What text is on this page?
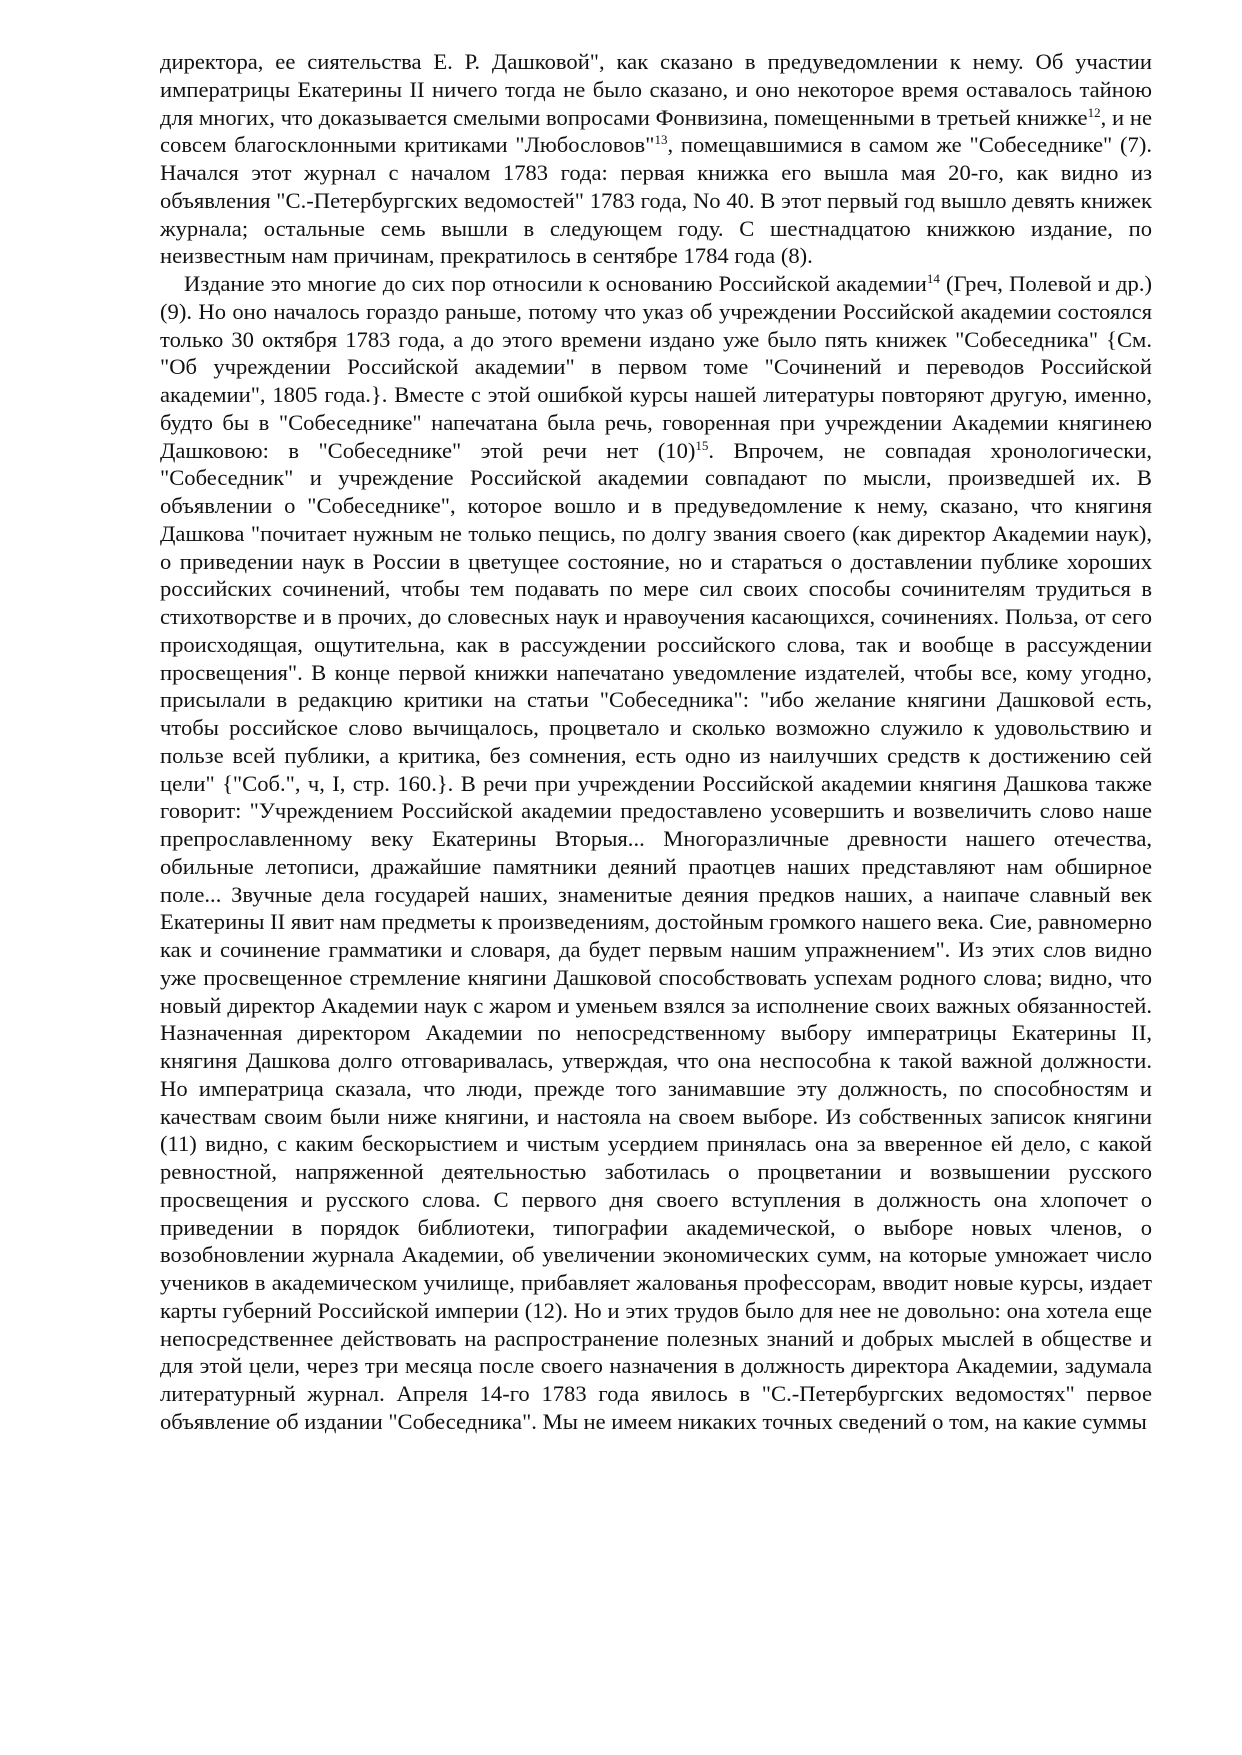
директора, ее сиятельства Е. Р. Дашковой", как сказано в предуведомлении к нему. Об участии императрицы Екатерины II ничего тогда не было сказано, и оно некоторое время оставалось тайною для многих, что доказывается смелыми вопросами Фонвизина, помещенными в третьей книжке$^{12}$, и не совсем благосклонными критиками "Любословов"$^{13}$, помещавшимися в самом же "Собеседнике" (7). Начался этот журнал с началом 1783 года: первая книжка его вышла мая 20-го, как видно из объявления "С.-Петербургских ведомостей" 1783 года, No 40. В этот первый год вышло девять книжек журнала; остальные семь вышли в следующем году. С шестнадцатою книжкою издание, по неизвестным нам причинам, прекратилось в сентябре 1784 года (8).

Издание это многие до сих пор относили к основанию Российской академии$^{14}$ (Греч, Полевой и др.) (9). Но оно началось гораздо раньше, потому что указ об учреждении Российской академии состоялся только 30 октября 1783 года, а до этого времени издано уже было пять книжек "Собеседника" {См. "Об учреждении Российской академии" в первом томе "Сочинений и переводов Российской академии", 1805 года.}. Вместе с этой ошибкой курсы нашей литературы повторяют другую, именно, будто бы в "Собеседнике" напечатана была речь, говоренная при учреждении Академии княгинею Дашковою: в "Собеседнике" этой речи нет $(10)^{15}$. Впрочем, не совпадая хронологически, "Собеседник" и учреждение Российской академии совпадают по мысли, произведшей их. В объявлении о "Собеседнике", которое вошло и в предуведомление к нему, сказано, что княгиня Дашкова "почитает нужным не только пещись, по долгу звания своего (как директор Академии наук), о приведении наук в России в цветущее состояние, но и стараться о доставлении публике хороших российских сочинений, чтобы тем подавать по мере сил своих способы сочинителям трудиться в стихотворстве и в прочих, до словесных наук и нравоучения касающихся, сочинениях. Польза, от сего происходящая, ощутительна, как в рассуждении российского слова, так и вообще в рассуждении просвещения". В конце первой книжки напечатано уведомление издателей, чтобы все, кому угодно, присылали в редакцию критики на статьи "Собеседника": "ибо желание княгини Дашковой есть, чтобы российское слово вычищалось, процветало и сколько возможно служило к удовольствию и пользе всей публики, а критика, без сомнения, есть одно из наилучших средств к достижению сей цели" {"Соб.", ч, I, стр. 160.}. В речи при учреждении Российской академии княгиня Дашкова также говорит: "Учреждением Российской академии предоставлено усовершить и возвеличить слово наше препрославленному веку Екатерины Вторыя... Многоразличные древности нашего отечества, обильные летописи, дражайшие памятники деяний праотцев наших представляют нам обширное поле... Звучные дела государей наших, знаменитые деяния предков наших, а наипаче славный век Екатерины II явит нам предметы к произведениям, достойным громкого нашего века. Сие, равномерно как и сочинение грамматики и словаря, да будет первым нашим упражнением". Из этих слов видно уже просвещенное стремление княгини Дашковой способствовать успехам родного слова; видно, что новый директор Академии наук с жаром и уменьем взялся за исполнение своих важных обязанностей. Назначенная директором Академии по непосредственному выбору императрицы Екатерины II, княгиня Дашкова долго отговаривалась, утверждая, что она неспособна к такой важной должности. Но императрица сказала, что люди, прежде того занимавшие эту должность, по способностям и качествам своим были ниже княгини, и настояла на своем выборе. Из собственных записок княгини (11) видно, с каким бескорыстием и чистым усердием принялась она за вверенное ей дело, с какой ревностной, напряженной деятельностью заботилась о процветании и возвышении русского просвещения и русского слова. С первого дня своего вступления в должность она хлопочет о приведении в порядок библиотеки, типографии академической, о выборе новых членов, о возобновлении журнала Академии, об увеличении экономических сумм, на которые умножает число учеников в академическом училище, прибавляет жалованья профессорам, вводит новые курсы, издает карты губерний Российской империи (12). Но и этих трудов было для нее не довольно: она хотела еще непосредственнее действовать на распространение полезных знаний и добрых мыслей в обществе и для этой цели, через три месяца после своего назначения в должность директора Академии, задумала литературный журнал. Апреля 14-го 1783 года явилось в "С.-Петербургских ведомостях" первое объявление об издании "Собеседника". Мы не имеем никаких точных сведений о том, на какие суммы
